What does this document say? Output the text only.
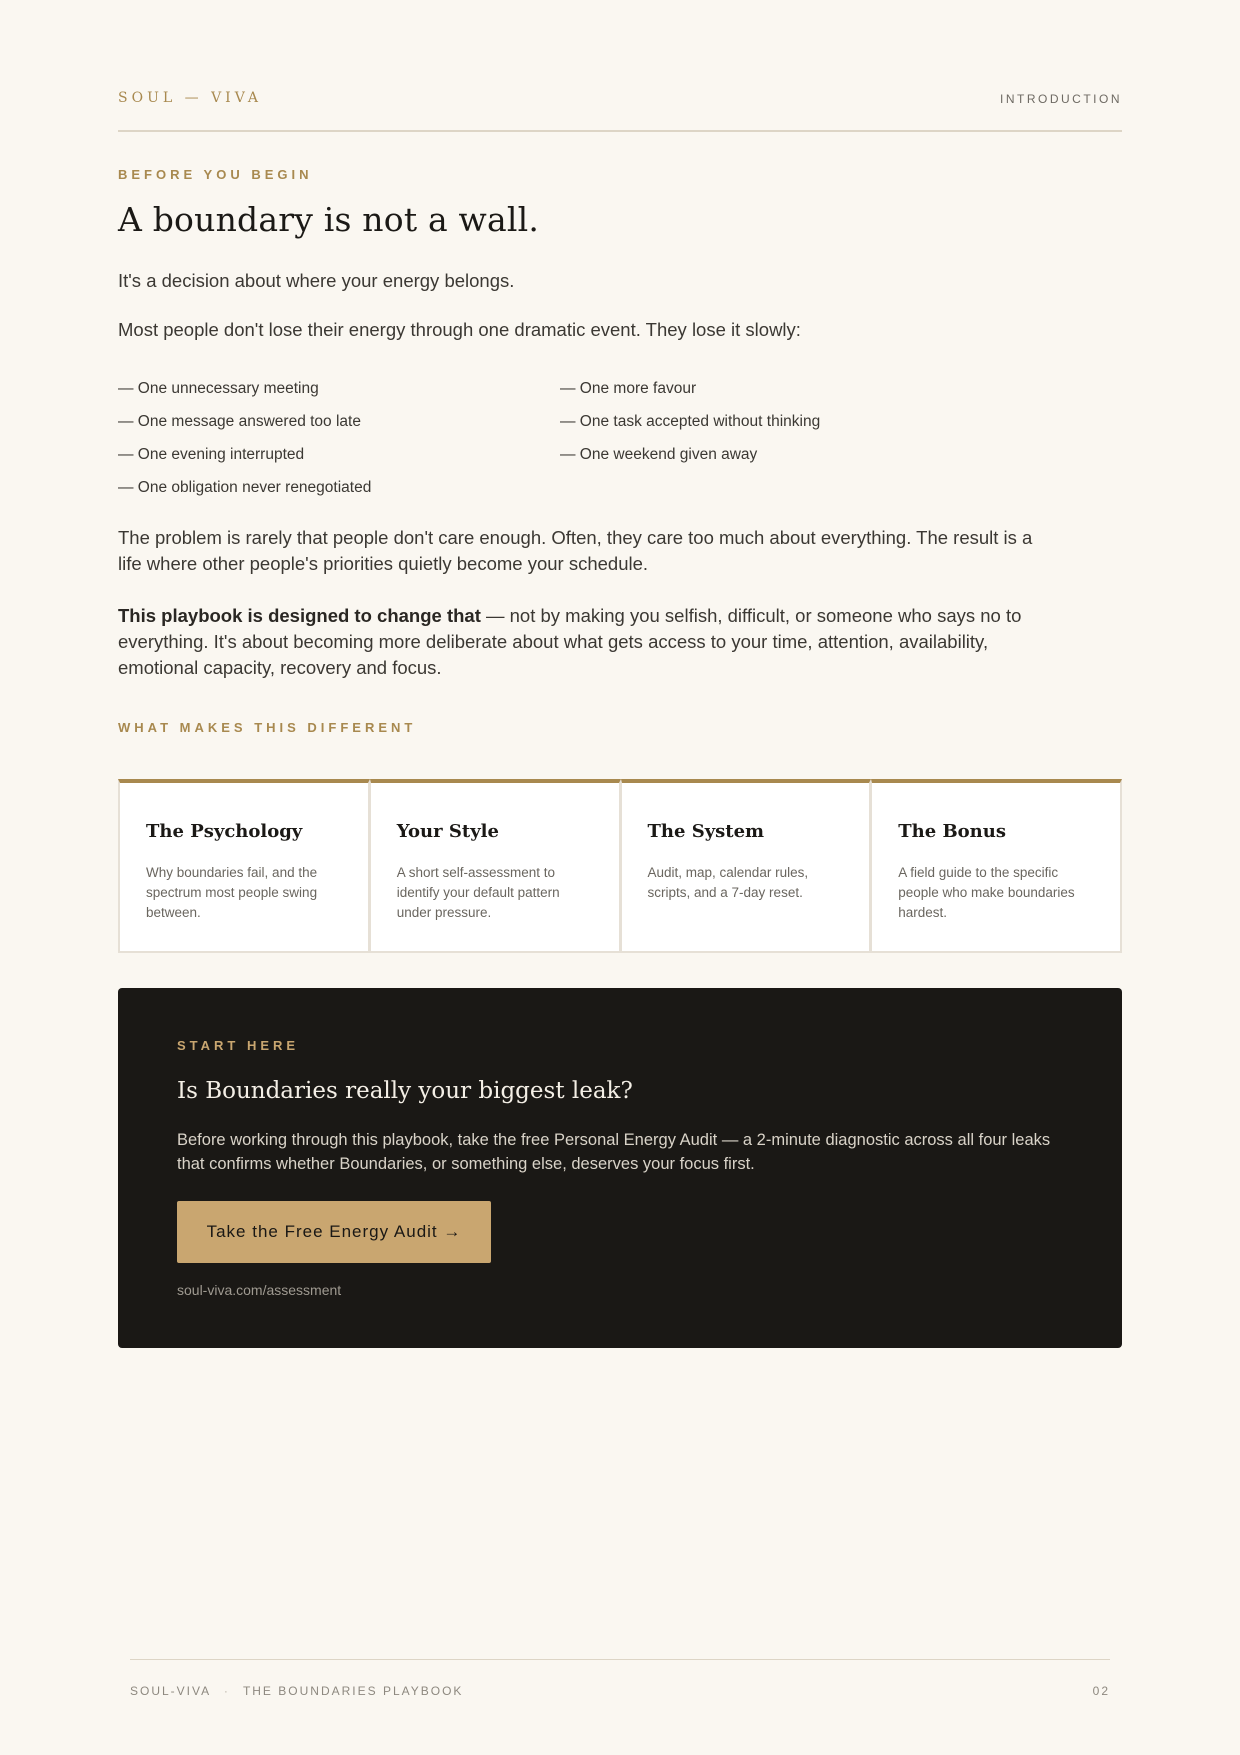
SOUL — VIVA	INTRODUCTION
BEFORE YOU BEGIN
A boundary is not a wall.
It's a decision about where your energy belongs.
Most people don't lose their energy through one dramatic event. They lose it slowly:
— One unnecessary meeting
— One message answered too late
— One evening interrupted
— One obligation never renegotiated
— One more favour
— One task accepted without thinking
— One weekend given away
The problem is rarely that people don't care enough. Often, they care too much about everything. The result is a life where other people's priorities quietly become your schedule.
This playbook is designed to change that — not by making you selfish, difficult, or someone who says no to everything. It's about becoming more deliberate about what gets access to your time, attention, availability, emotional capacity, recovery and focus.
WHAT MAKES THIS DIFFERENT
The Psychology
Why boundaries fail, and the spectrum most people swing between.
Your Style
A short self-assessment to identify your default pattern under pressure.
The System
Audit, map, calendar rules, scripts, and a 7-day reset.
The Bonus
A field guide to the specific people who make boundaries hardest.
START HERE
Is Boundaries really your biggest leak?
Before working through this playbook, take the free Personal Energy Audit — a 2-minute diagnostic across all four leaks that confirms whether Boundaries, or something else, deserves your focus first.
Take the Free Energy Audit →
soul-viva.com/assessment
SOUL-VIVA · THE BOUNDARIES PLAYBOOK	02
